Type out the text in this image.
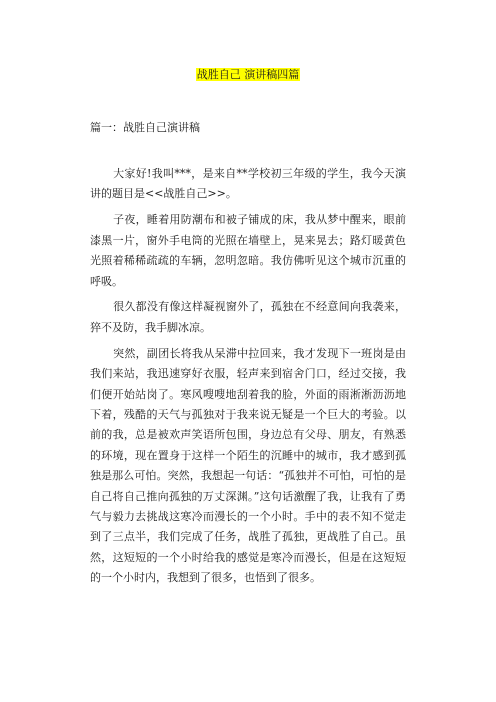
战胜自己 演讲稿四篇
篇一：战胜自己演讲稿

大家好!我叫***，是来自**学校初三年级的学生，我今天演讲的题目是<<战胜自己>>。

子夜，睡着用防潮布和被子铺成的床，我从梦中醒来，眼前漆黑一片，窗外手电筒的光照在墙壁上，晃来晃去；路灯暖黄色光照着稀稀疏疏的车辆，忽明忽暗。我仿佛听见这个城市沉重的呼吸。

很久都没有像这样凝视窗外了，孤独在不经意间向我袭来，猝不及防，我手脚冰凉。

突然，副团长将我从呆滞中拉回来，我才发现下一班岗是由我们来站，我迅速穿好衣服，轻声来到宿舍门口，经过交接，我们便开始站岗了。寒风嗖嗖地刮着我的脸，外面的雨淅淅沥沥地下着，残酷的天气与孤独对于我来说无疑是一个巨大的考验。以前的我，总是被欢声笑语所包围，身边总有父母、朋友，有熟悉的环境，现在置身于这样一个陌生的沉睡中的城市，我才感到孤独是那么可怕。突然，我想起一句话：“孤独并不可怕，可怕的是自己将自己推向孤独的万丈深渊。”这句话激醒了我，让我有了勇气与毅力去挑战这寒冷而漫长的一个小时。手中的表不知不觉走到了三点半，我们完成了任务，战胜了孤独，更战胜了自己。虽然，这短短的一个小时给我的感觉是寒冷而漫长，但是在这短短的一个小时内，我想到了很多，也悟到了很多。
